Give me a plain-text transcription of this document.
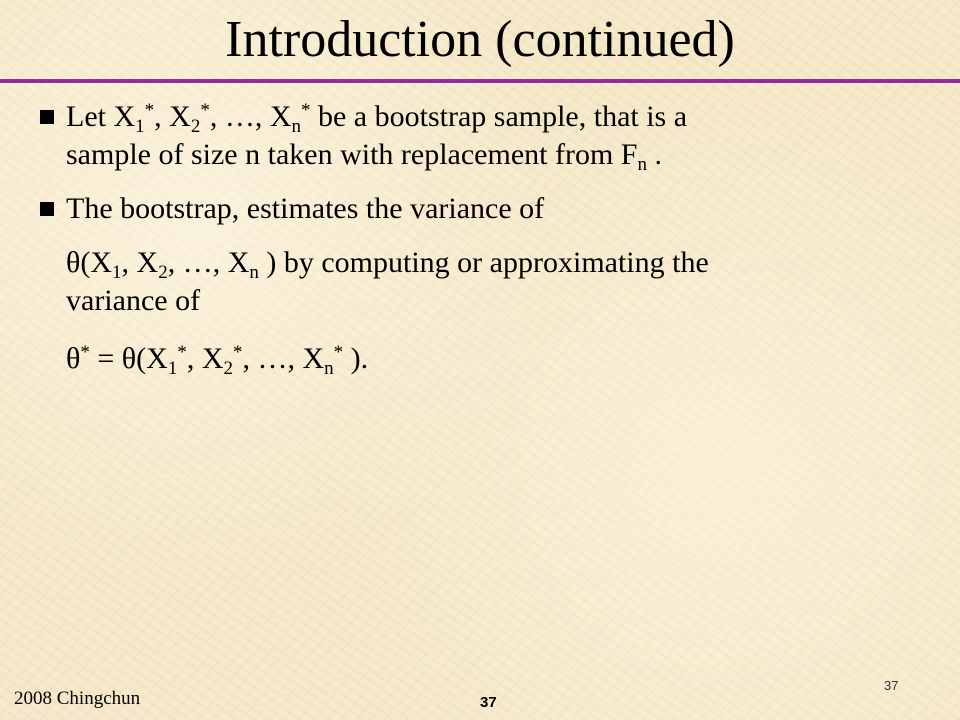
Introduction (continued)
Let $X_1^*$, $X_2^*$, …, $X_n^*$ be a bootstrap sample, that is a
sample of size n taken with replacement from $F_n$ .
The bootstrap, estimates the variance of
$\theta(X_1$, $X_2$, …, $X_n$ ) by computing or approximating the
variance of
$\theta^* = \theta(X_1^*$, $X_2^*$, …, $X_n^*$ ).
2008 Chingchun	37
37
